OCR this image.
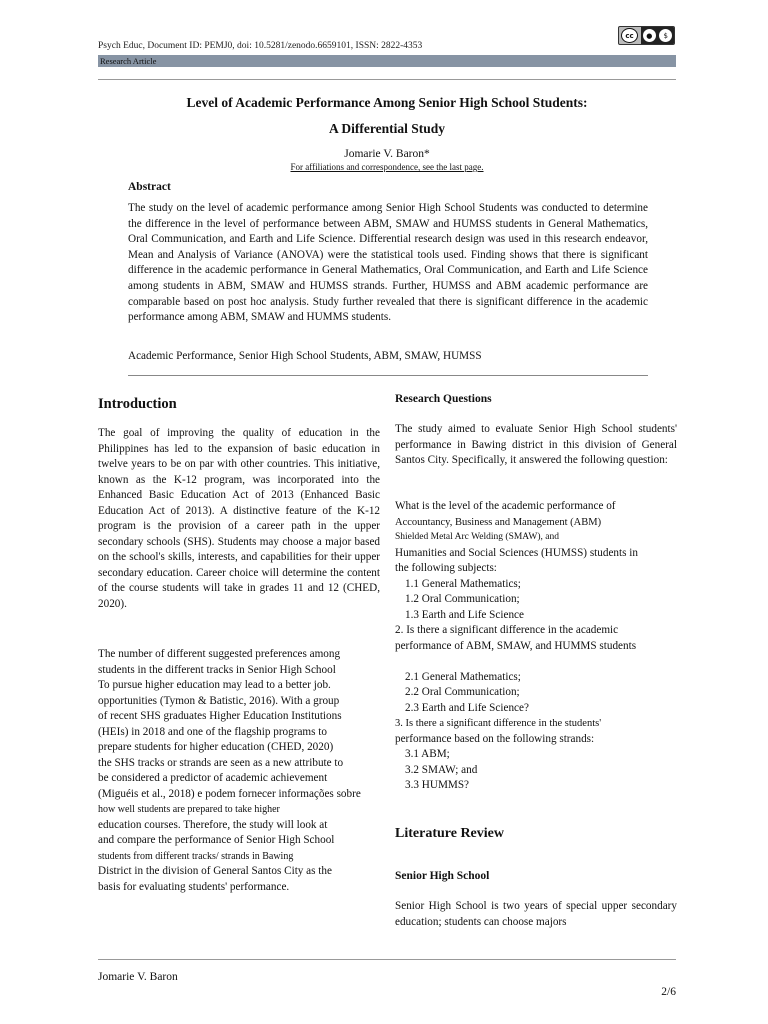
Psych Educ, Document ID: PEMJ0, doi: 10.5281/zenodo.6659101, ISSN: 2822-4353
cc	●	$
Research Article
Level of Academic Performance Among Senior High School Students:
A Differential Study
Jomarie V. Baron*
For affiliations and correspondence, see the last page.
Abstract
The study on the level of academic performance among Senior High School Students was conducted to determine the difference in the level of performance between ABM, SMAW and HUMSS students in General Mathematics, Oral Communication, and Earth and Life Science. Differential research design was used in this research endeavor, Mean and Analysis of Variance (ANOVA) were the statistical tools used. Finding shows that there is significant difference in the academic performance in General Mathematics, Oral Communication, and Earth and Life Science among students in ABM, SMAW and HUMSS strands. Further, HUMSS and ABM academic performance are comparable based on post hoc analysis. Study further revealed that there is significant difference in the academic performance among ABM, SMAW and HUMMS students.
Academic Performance, Senior High School Students, ABM, SMAW, HUMSS
Introduction
The goal of improving the quality of education in the Philippines has led to the expansion of basic education in twelve years to be on par with other countries. This initiative, known as the K-12 program, was incorporated into the Enhanced Basic Education Act of 2013 (Enhanced Basic Education Act of 2013). A distinctive feature of the K-12 program is the provision of a career path in the upper secondary schools (SHS). Students may choose a major based on the school's skills, interests, and capabilities for their upper secondary education. Career choice will determine the content of the course students will take in grades 11 and 12 (CHED, 2020).
The number of different suggested preferences among
students in the different tracks in Senior High School
To pursue higher education may lead to a better job.
opportunities (Tymon & Batistic, 2016). With a group
of recent SHS graduates Higher Education Institutions
(HEIs) in 2018 and one of the flagship programs to
prepare students for higher education (CHED, 2020)
the SHS tracks or strands are seen as a new attribute to
be considered a predictor of academic achievement
(Miguéis et al., 2018) e podem fornecer informações sobre
how well students are prepared to take higher
education courses. Therefore, the study will look at
and compare the performance of Senior High School
students from different tracks/ strands in Bawing
District in the division of General Santos City as the
basis for evaluating students' performance.
Research Questions
The study aimed to evaluate Senior High School students' performance in Bawing district in this division of General Santos City. Specifically, it answered the following question:
What is the level of the academic performance of
Accountancy, Business and Management (ABM)
Shielded Metal Arc Welding (SMAW), and
Humanities and Social Sciences (HUMSS) students in
the following subjects:
1.1 General Mathematics;
1.2 Oral Communication;
1.3 Earth and Life Science
2. Is there a significant difference in the academic
performance of ABM, SMAW, and HUMMS students
2.1 General Mathematics;
2.2 Oral Communication;
2.3 Earth and Life Science?
3. Is there a significant difference in the students'
performance based on the following strands:
3.1 ABM;
3.2 SMAW; and
3.3 HUMMS?
Literature Review
Senior High School
Senior High School is two years of special upper secondary education; students can choose majors
Jomarie V. Baron
2/6
